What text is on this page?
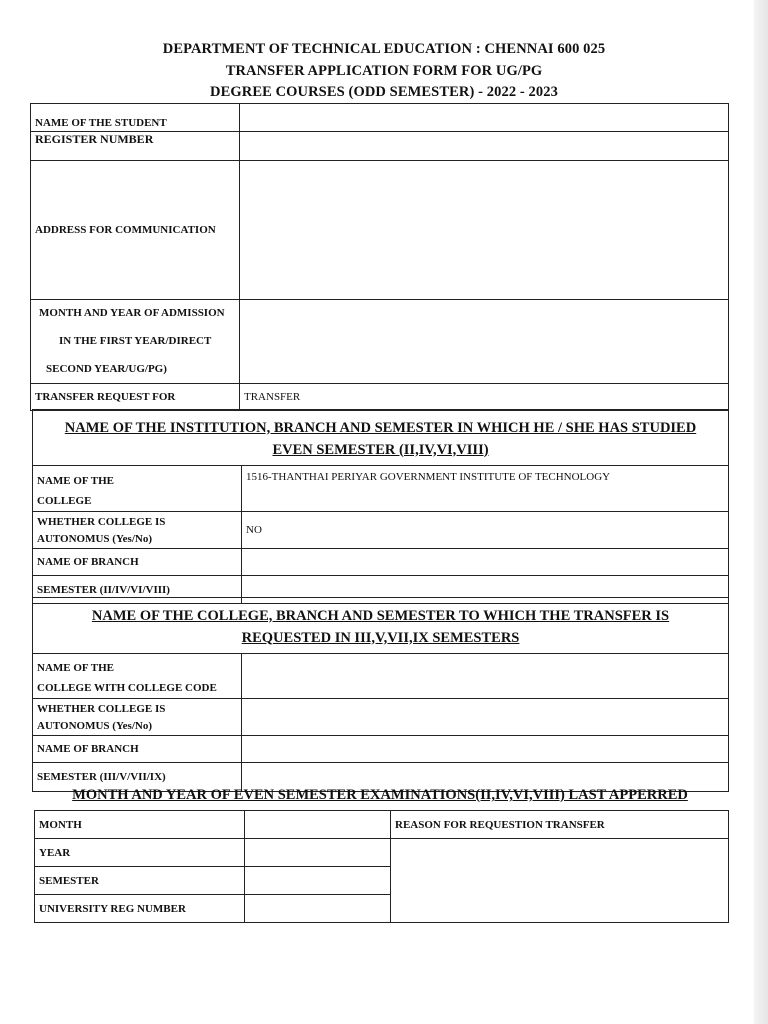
DEPARTMENT OF TECHNICAL EDUCATION : CHENNAI 600 025
TRANSFER APPLICATION FORM FOR UG/PG
DEGREE COURSES (ODD SEMESTER) - 2022 - 2023
NAME OF THE STUDENT	
REGISTER NUMBER	
ADDRESS FOR COMMUNICATION	

MONTH AND YEAR OF ADMISSION
IN THE FIRST YEAR/DIRECT
SECOND YEAR/UG/PG)	

TRANSFER REQUEST FOR	TRANSFER
NAME OF THE INSTITUTION, BRANCH AND SEMESTER IN WHICH HE / SHE HAS STUDIED
EVEN SEMESTER (II,IV,VI,VIII)	

NAME OF THE
COLLEGE	1516-THANTHAI PERIYAR GOVERNMENT INSTITUTE OF TECHNOLOGY

WHETHER COLLEGE IS
AUTONOMUS (Yes/No)	NO
NAME OF BRANCH	
SEMESTER (II/IV/VI/VIII)	
NAME OF THE COLLEGE, BRANCH AND SEMESTER TO WHICH THE TRANSFER IS
REQUESTED IN III,V,VII,IX SEMESTERS	

NAME OF THE
COLLEGE WITH COLLEGE CODE	

WHETHER COLLEGE IS
AUTONOMUS (Yes/No)	

NAME OF BRANCH	
SEMESTER (III/V/VII/IX)	
MONTH AND YEAR OF EVEN SEMESTER EXAMINATIONS(II,IV,VI,VIII) LAST APPERRED
MONTH		REASON FOR REQUESTION TRANSFER
YEAR		
SEMESTER		
UNIVERSITY REG NUMBER		
